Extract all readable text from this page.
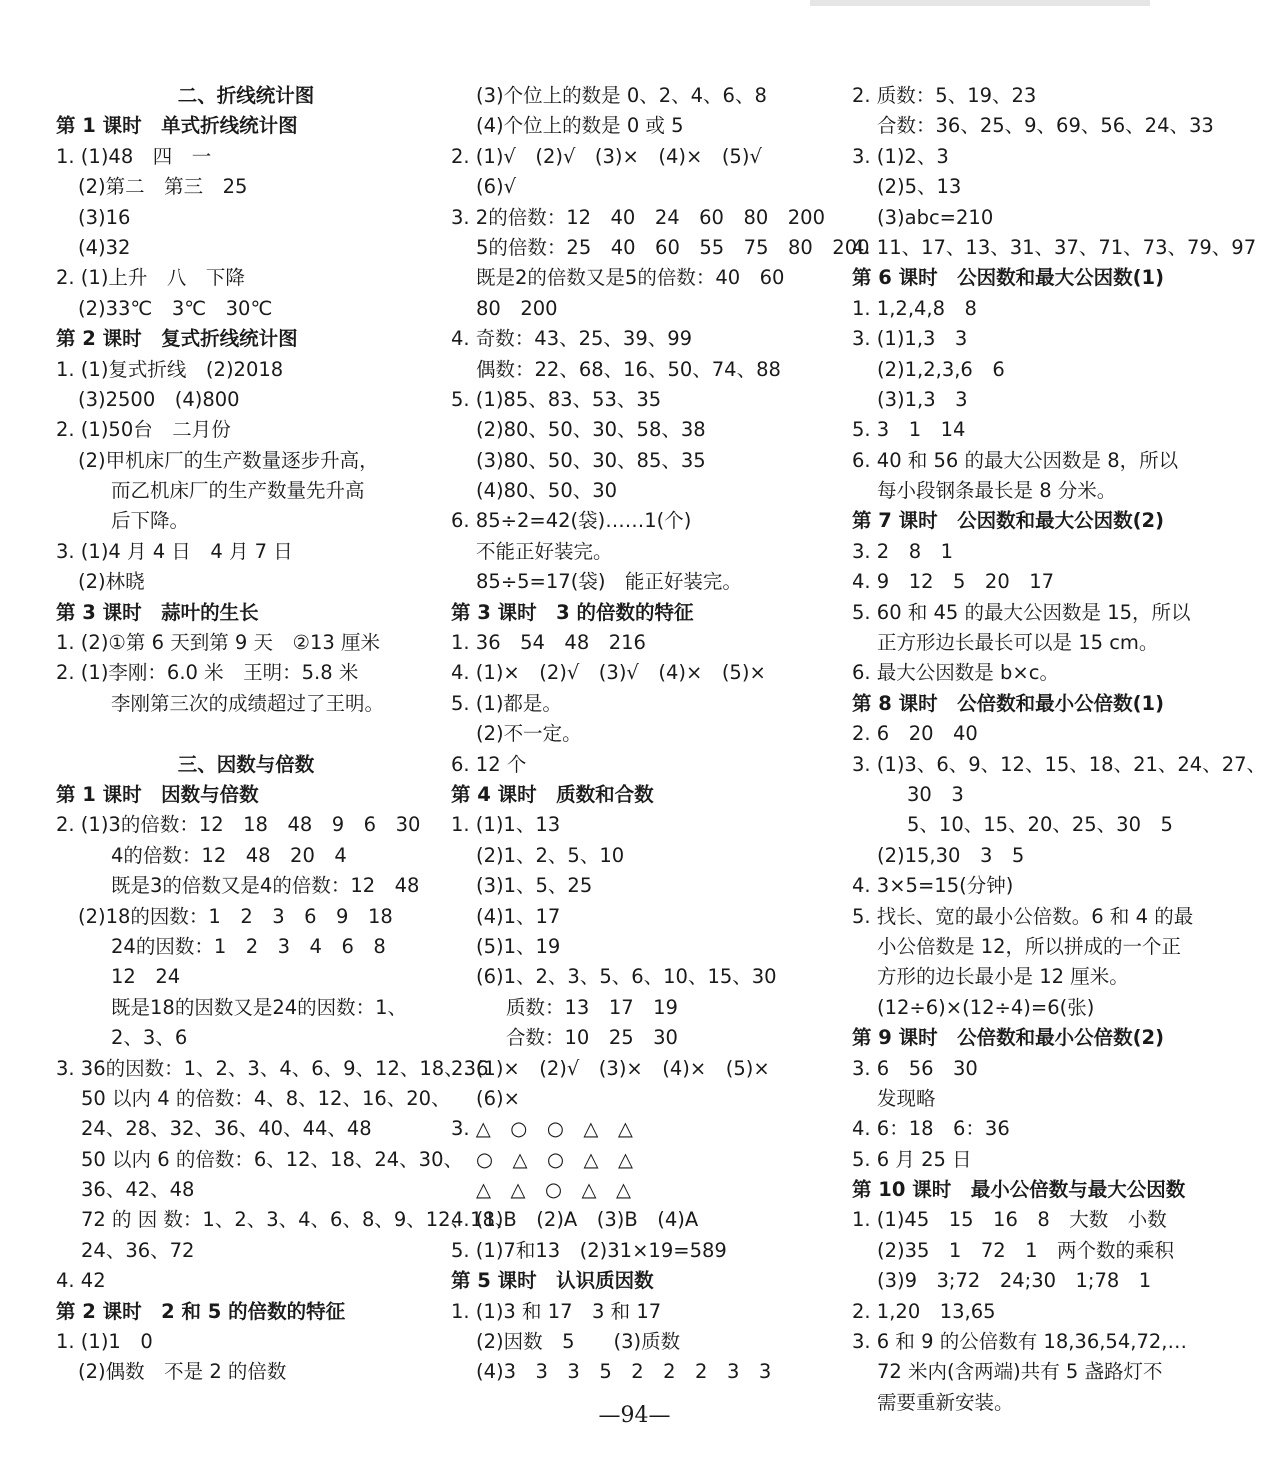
二、折线统计图
第 1 课时　单式折线统计图
1. (1)48　四　一
(2)第二　第三　25
(3)16
(4)32
2. (1)上升　八　下降
(2)33℃　3℃　30℃
第 2 课时　复式折线统计图
1. (1)复式折线　(2)2018
(3)2500　(4)800
2. (1)50台　二月份
(2)甲机床厂的生产数量逐步升高，
而乙机床厂的生产数量先升高
后下降。
3. (1)4 月 4 日　4 月 7 日
(2)林晓
第 3 课时　蒜叶的生长
1. (2)①第 6 天到第 9 天　②13 厘米
2. (1)李刚：6.0 米　王明：5.8 米
李刚第三次的成绩超过了王明。
三、因数与倍数
第 1 课时　因数与倍数
2. (1)3的倍数：12　18　48　9　6　30
4的倍数：12　48　20　4
既是3的倍数又是4的倍数：12　48
(2)18的因数：1　2　3　6　9　18
24的因数：1　2　3　4　6　8
12　24
既是18的因数又是24的因数：1、
2、3、6
3. 36的因数：1、2、3、4、6、9、12、18、36
50 以内 4 的倍数：4、8、12、16、20、
24、28、32、36、40、44、48
50 以内 6 的倍数：6、12、18、24、30、
36、42、48
72 的 因 数：1、2、3、4、6、8、9、12、18、
24、36、72
4. 42
第 2 课时　2 和 5 的倍数的特征
1. (1)1　0
(2)偶数　不是 2 的倍数
(3)个位上的数是 0、2、4、6、8
(4)个位上的数是 0 或 5
2. (1)√　(2)√　(3)×　(4)×　(5)√
(6)√
3. 2的倍数：12　40　24　60　80　200
5的倍数：25　40　60　55　75　80　200
既是2的倍数又是5的倍数：40　60
80　200
4. 奇数：43、25、39、99
偶数：22、68、16、50、74、88
5. (1)85、83、53、35
(2)80、50、30、58、38
(3)80、50、30、85、35
(4)80、50、30
6. 85÷2=42(袋)……1(个)
不能正好装完。
85÷5=17(袋)　能正好装完。
第 3 课时　3 的倍数的特征
1. 36　54　48　216
4. (1)×　(2)√　(3)√　(4)×　(5)×
5. (1)都是。
(2)不一定。
6. 12 个
第 4 课时　质数和合数
1. (1)1、13
(2)1、2、5、10
(3)1、5、25
(4)1、17
(5)1、19
(6)1、2、3、5、6、10、15、30
质数：13　17　19
合数：10　25　30
2. (1)×　(2)√　(3)×　(4)×　(5)×
(6)×
3. △　○　○　△　△
○　△　○　△　△
△　△　○　△　△
4. (1)B　(2)A　(3)B　(4)A
5. (1)7和13　(2)31×19=589
第 5 课时　认识质因数
1. (1)3 和 17　3 和 17
(2)因数　5　　(3)质数
(4)3　3　3　5　2　2　2　3　3
2. 质数：5、19、23
合数：36、25、9、69、56、24、33
3. (1)2、3
(2)5、13
(3)abc=210
4. 11、17、13、31、37、71、73、79、97
第 6 课时　公因数和最大公因数(1)
1. 1,2,4,8　8
3. (1)1,3　3
(2)1,2,3,6　6
(3)1,3　3
5. 3　1　14
6. 40 和 56 的最大公因数是 8，所以
每小段钢条最长是 8 分米。
第 7 课时　公因数和最大公因数(2)
3. 2　8　1
4. 9　12　5　20　17
5. 60 和 45 的最大公因数是 15，所以
正方形边长最长可以是 15 cm。
6. 最大公因数是 b×c。
第 8 课时　公倍数和最小公倍数(1)
2. 6　20　40
3. (1)3、6、9、12、15、18、21、24、27、
30　3
5、10、15、20、25、30　5
(2)15,30　3　5
4. 3×5=15(分钟)
5. 找长、宽的最小公倍数。6 和 4 的最
小公倍数是 12，所以拼成的一个正
方形的边长最小是 12 厘米。
(12÷6)×(12÷4)=6(张)
第 9 课时　公倍数和最小公倍数(2)
3. 6　56　30
发现略
4. 6：18　6：36
5. 6 月 25 日
第 10 课时　最小公倍数与最大公因数
1. (1)45　15　16　8　大数　小数
(2)35　1　72　1　两个数的乘积
(3)9　3;72　24;30　1;78　1
2. 1,20　13,65
3. 6 和 9 的公倍数有 18,36,54,72,…
72 米内(含两端)共有 5 盏路灯不
需要重新安装。
—94—
